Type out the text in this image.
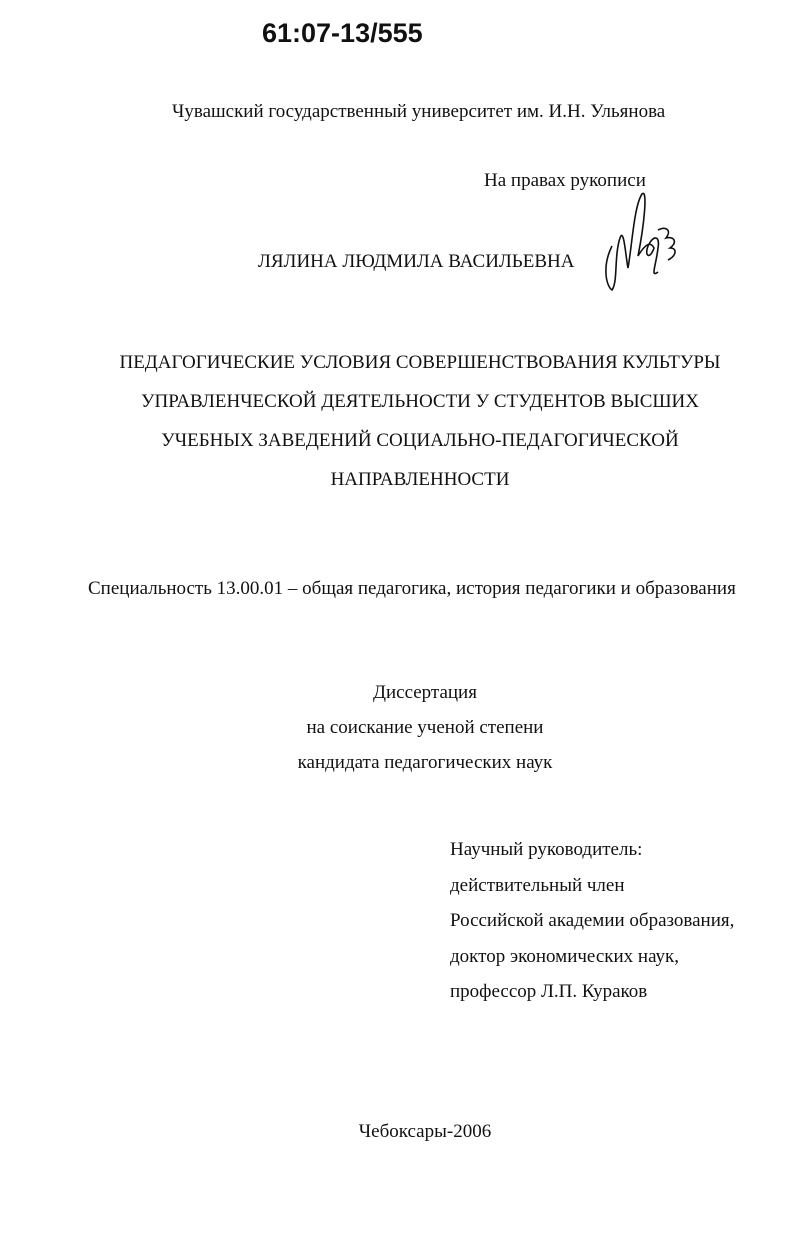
61:07-13/555
Чувашский государственный университет им. И.Н. Ульянова
На правах рукописи
ЛЯЛИНА ЛЮДМИЛА ВАСИЛЬЕВНА
ПЕДАГОГИЧЕСКИЕ УСЛОВИЯ СОВЕРШЕНСТВОВАНИЯ КУЛЬТУРЫ
УПРАВЛЕНЧЕСКОЙ ДЕЯТЕЛЬНОСТИ У СТУДЕНТОВ ВЫСШИХ
УЧЕБНЫХ ЗАВЕДЕНИЙ СОЦИАЛЬНО-ПЕДАГОГИЧЕСКОЙ
НАПРАВЛЕННОСТИ
Специальность 13.00.01 – общая педагогика, история педагогики и образования
Диссертация
на соискание ученой степени
кандидата педагогических наук
Научный руководитель:
действительный член
Российской академии образования,
доктор экономических наук,
профессор Л.П. Кураков
Чебоксары-2006
